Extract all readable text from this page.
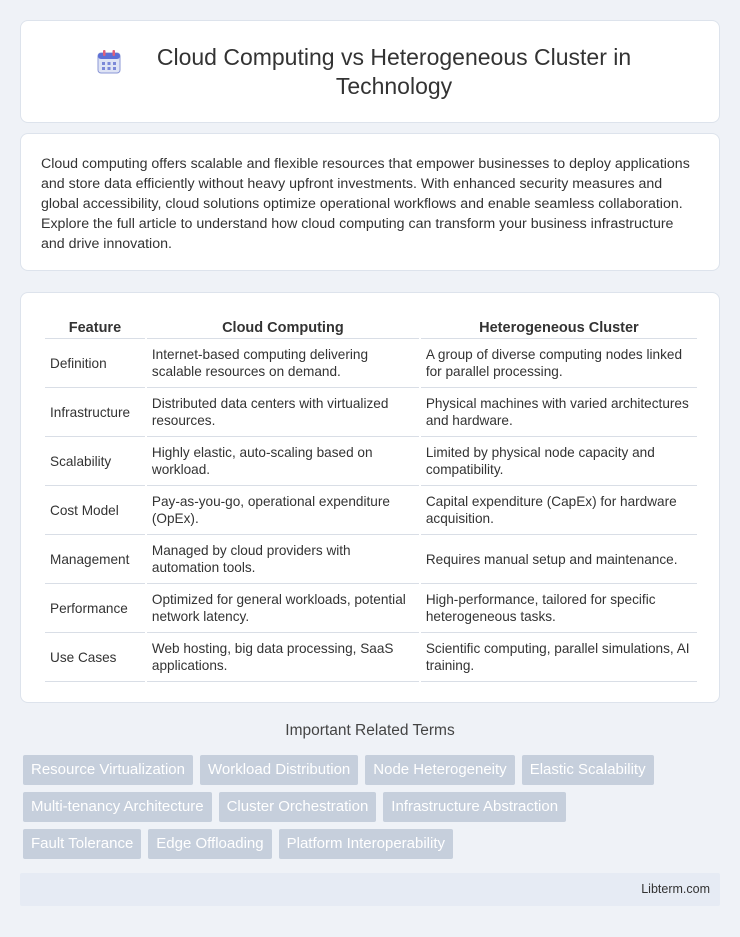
Cloud Computing vs Heterogeneous Cluster in Technology

Cloud computing offers scalable and flexible resources that empower businesses to deploy applications and store data efficiently without heavy upfront investments. With enhanced security measures and global accessibility, cloud solutions optimize operational workflows and enable seamless collaboration. Explore the full article to understand how cloud computing can transform your business infrastructure and drive innovation.

Feature	Cloud Computing	Heterogeneous Cluster
Definition	Internet-based computing delivering scalable resources on demand.	A group of diverse computing nodes linked for parallel processing.
Infrastructure	Distributed data centers with virtualized resources.	Physical machines with varied architectures and hardware.
Scalability	Highly elastic, auto-scaling based on workload.	Limited by physical node capacity and compatibility.
Cost Model	Pay-as-you-go, operational expenditure (OpEx).	Capital expenditure (CapEx) for hardware acquisition.
Management	Managed by cloud providers with automation tools.	Requires manual setup and maintenance.
Performance	Optimized for general workloads, potential network latency.	High-performance, tailored for specific heterogeneous tasks.
Use Cases	Web hosting, big data processing, SaaS applications.	Scientific computing, parallel simulations, AI training.
Important Related Terms
Resource Virtualization	Workload Distribution	Node Heterogeneity	Elastic Scalability
Multi-tenancy Architecture	Cluster Orchestration	Infrastructure Abstraction
Fault Tolerance	Edge Offloading	Platform Interoperability
Libterm.com
